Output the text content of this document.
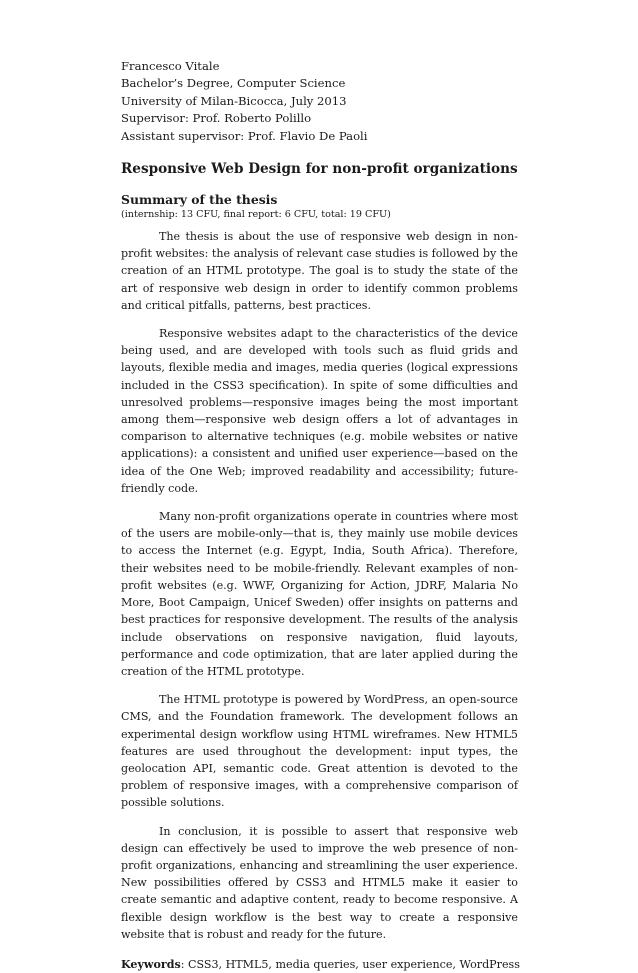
Francesco Vitale
Bachelor’s Degree, Computer Science
University of Milan-Bicocca, July 2013
Supervisor: Prof. Roberto Polillo
Assistant supervisor: Prof. Flavio De Paoli
Responsive Web Design for non-profit organizations
Summary of the thesis
(internship: 13 CFU, final report: 6 CFU, total: 19 CFU)

The thesis is about the use of responsive web design in non-profit websites: the analysis of relevant case studies is followed by the creation of an HTML prototype. The goal is to study the state of the art of responsive web design in order to identify common problems and critical pitfalls, patterns, best practices.

Responsive websites adapt to the characteristics of the device being used, and are developed with tools such as fluid grids and layouts, flexible media and images, media queries (logical expressions included in the CSS3 specification). In spite of some difficulties and unresolved problems—responsive images being the most important among them—responsive web design offers a lot of advantages in comparison to alternative techniques (e.g. mobile websites or native applications): a consistent and unified user experience—based on the idea of the One Web; improved readability and accessibility; future-friendly code.

Many non-profit organizations operate in countries where most of the users are mobile-only—that is, they mainly use mobile devices to access the Internet (e.g. Egypt, India, South Africa). Therefore, their websites need to be mobile-friendly. Relevant examples of non-profit websites (e.g. WWF, Organizing for Action, JDRF, Malaria No More, Boot Campaign, Unicef Sweden) offer insights on patterns and best practices for responsive development. The results of the analysis include observations on responsive navigation, fluid layouts, performance and code optimization, that are later applied during the creation of the HTML prototype.

The HTML prototype is powered by WordPress, an open-source CMS, and the Foundation framework. The development follows an experimental design workflow using HTML wireframes. New HTML5 features are used throughout the development: input types, the geolocation API, semantic code. Great attention is devoted to the problem of responsive images, with a comprehensive comparison of possible solutions.

In conclusion, it is possible to assert that responsive web design can effectively be used to improve the web presence of non-profit organizations, enhancing and streamlining the user experience. New possibilities offered by CSS3 and HTML5 make it easier to create semantic and adaptive content, ready to become responsive. A flexible design workflow is the best way to create a responsive website that is robust and ready for the future.

Keywords: CSS3, HTML5, media queries, user experience, WordPress
